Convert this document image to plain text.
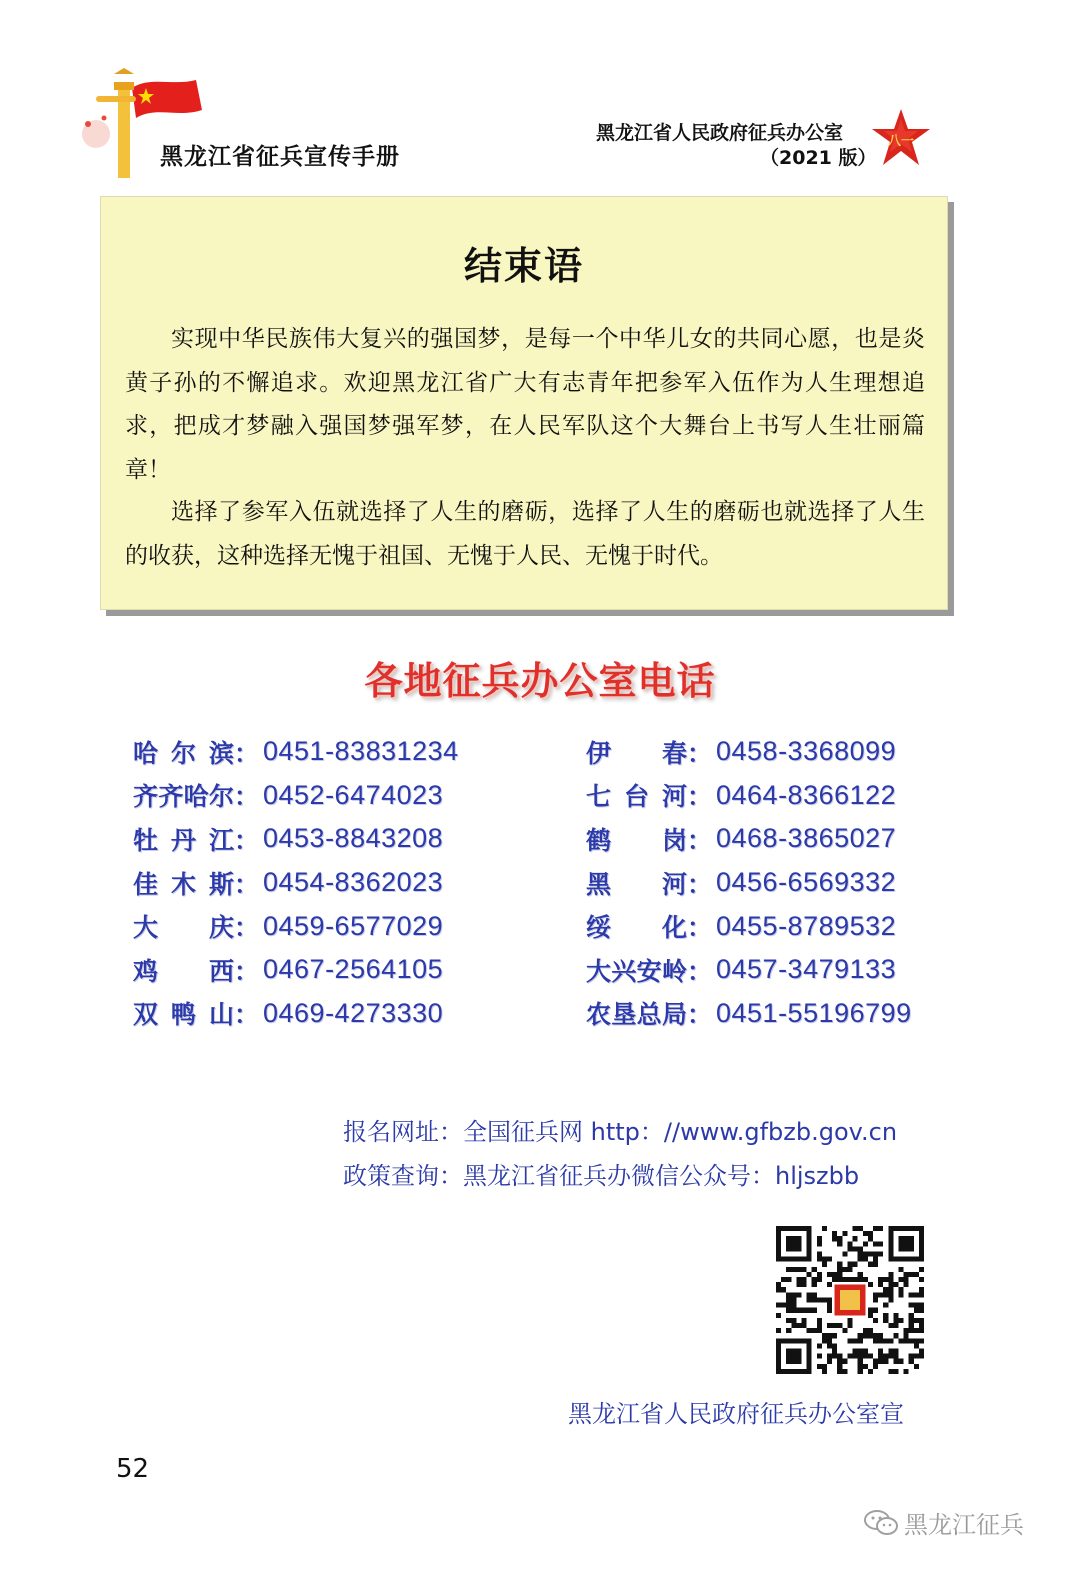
黑龙江省征兵宣传手册
黑龙江省人民政府征兵办公室
（2021 版）
八一
结束语

实现中华民族伟大复兴的强国梦，是每一个中华儿女的共同心愿，也是炎黄子孙的不懈追求。欢迎黑龙江省广大有志青年把参军入伍作为人生理想追求，把成才梦融入强国梦强军梦，在人民军队这个大舞台上书写人生壮丽篇章！

选择了参军入伍就选择了人生的磨砺，选择了人生的磨砺也就选择了人生的收获，这种选择无愧于祖国、无愧于人民、无愧于时代。

各地征兵办公室电话
哈 尔 滨： 0451-83831234
齐 齐 哈 尔： 0452-6474023
牡 丹 江： 0453-8843208
佳 木 斯： 0454-8362023
大 庆： 0459-6577029
鸡 西： 0467-2564105
双 鸭 山： 0469-4273330
伊 春： 0458-3368099
七 台 河： 0464-8366122
鹤 岗： 0468-3865027
黑 河： 0456-6569332
绥 化： 0455-8789532
大 兴 安 岭： 0457-3479133
农 垦 总 局： 0451-55196799
报名网址：全国征兵网 http：//www.gfbzb.gov.cn
政策查询：黑龙江省征兵办微信公众号：hljszbb
黑龙江省人民政府征兵办公室宣
52
黑龙江征兵
